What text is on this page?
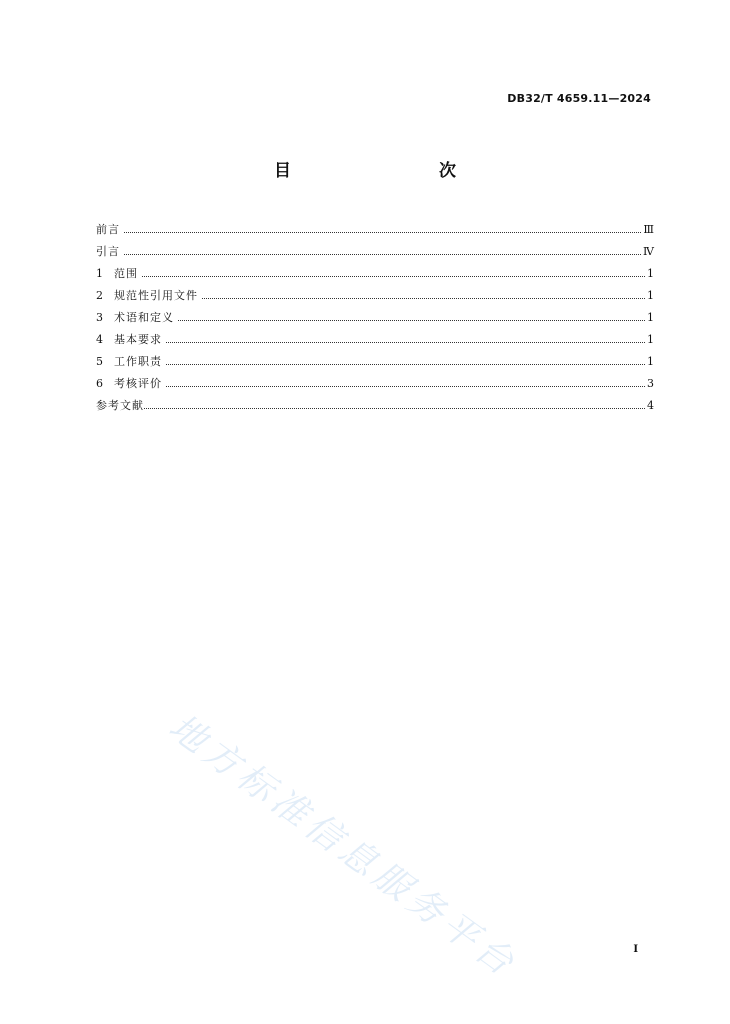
DB32/T 4659.11—2024
目　　次
前言	Ⅲ
引言	Ⅳ
1	范围	1
2	规范性引用文件	1
3	术语和定义	1
4	基本要求	1
5	工作职责	1
6	考核评价	3
参考文献	4
地方标准信息服务平台	I
